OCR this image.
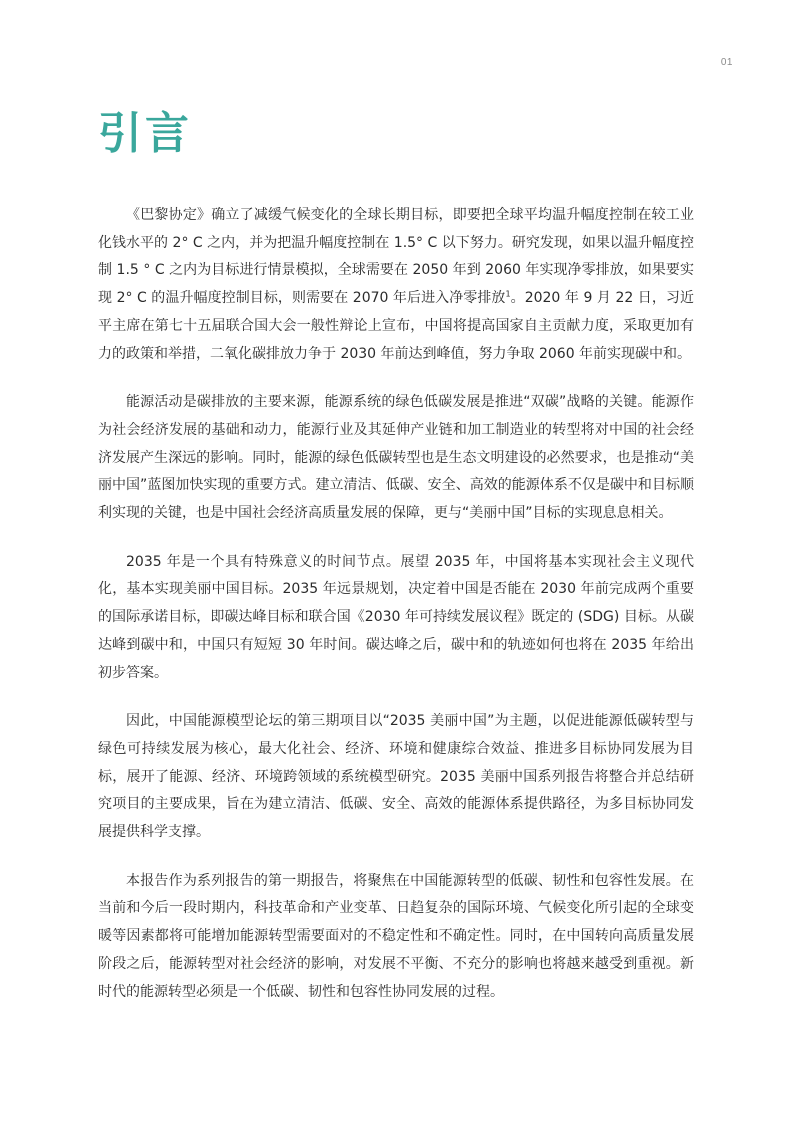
01
引言

《巴黎协定》确立了减缓气候变化的全球长期目标，即要把全球平均温升幅度控制在较工业化钱水平的 2° C 之内，并为把温升幅度控制在 1.5° C 以下努力。研究发现，如果以温升幅度控制 1.5 ° C 之内为目标进行情景模拟，全球需要在 2050 年到 2060 年实现净零排放，如果要实现 2° C 的温升幅度控制目标，则需要在 2070 年后进入净零排放$^1$。2020 年 9 月 22 日，习近平主席在第七十五届联合国大会一般性辩论上宣布，中国将提高国家自主贡献力度，采取更加有力的政策和举措，二氧化碳排放力争于 2030 年前达到峰值，努力争取 2060 年前实现碳中和。

能源活动是碳排放的主要来源，能源系统的绿色低碳发展是推进“双碳”战略的关键。能源作为社会经济发展的基础和动力，能源行业及其延伸产业链和加工制造业的转型将对中国的社会经济发展产生深远的影响。同时，能源的绿色低碳转型也是生态文明建设的必然要求，也是推动“美丽中国”蓝图加快实现的重要方式。建立清洁、低碳、安全、高效的能源体系不仅是碳中和目标顺利实现的关键，也是中国社会经济高质量发展的保障，更与“美丽中国”目标的实现息息相关。

2035 年是一个具有特殊意义的时间节点。展望 2035 年，中国将基本实现社会主义现代化，基本实现美丽中国目标。2035 年远景规划，决定着中国是否能在 2030 年前完成两个重要的国际承诺目标，即碳达峰目标和联合国《2030 年可持续发展议程》既定的 (SDG) 目标。从碳达峰到碳中和，中国只有短短 30 年时间。碳达峰之后，碳中和的轨迹如何也将在 2035 年给出初步答案。

因此，中国能源模型论坛的第三期项目以“2035 美丽中国”为主题，以促进能源低碳转型与绿色可持续发展为核心，最大化社会、经济、环境和健康综合效益、推进多目标协同发展为目标，展开了能源、经济、环境跨领域的系统模型研究。2035 美丽中国系列报告将整合并总结研究项目的主要成果，旨在为建立清洁、低碳、安全、高效的能源体系提供路径，为多目标协同发展提供科学支撑。

本报告作为系列报告的第一期报告，将聚焦在中国能源转型的低碳、韧性和包容性发展。在当前和今后一段时期内，科技革命和产业变革、日趋复杂的国际环境、气候变化所引起的全球变暖等因素都将可能增加能源转型需要面对的不稳定性和不确定性。同时，在中国转向高质量发展阶段之后，能源转型对社会经济的影响，对发展不平衡、不充分的影响也将越来越受到重视。新时代的能源转型必须是一个低碳、韧性和包容性协同发展的过程。
